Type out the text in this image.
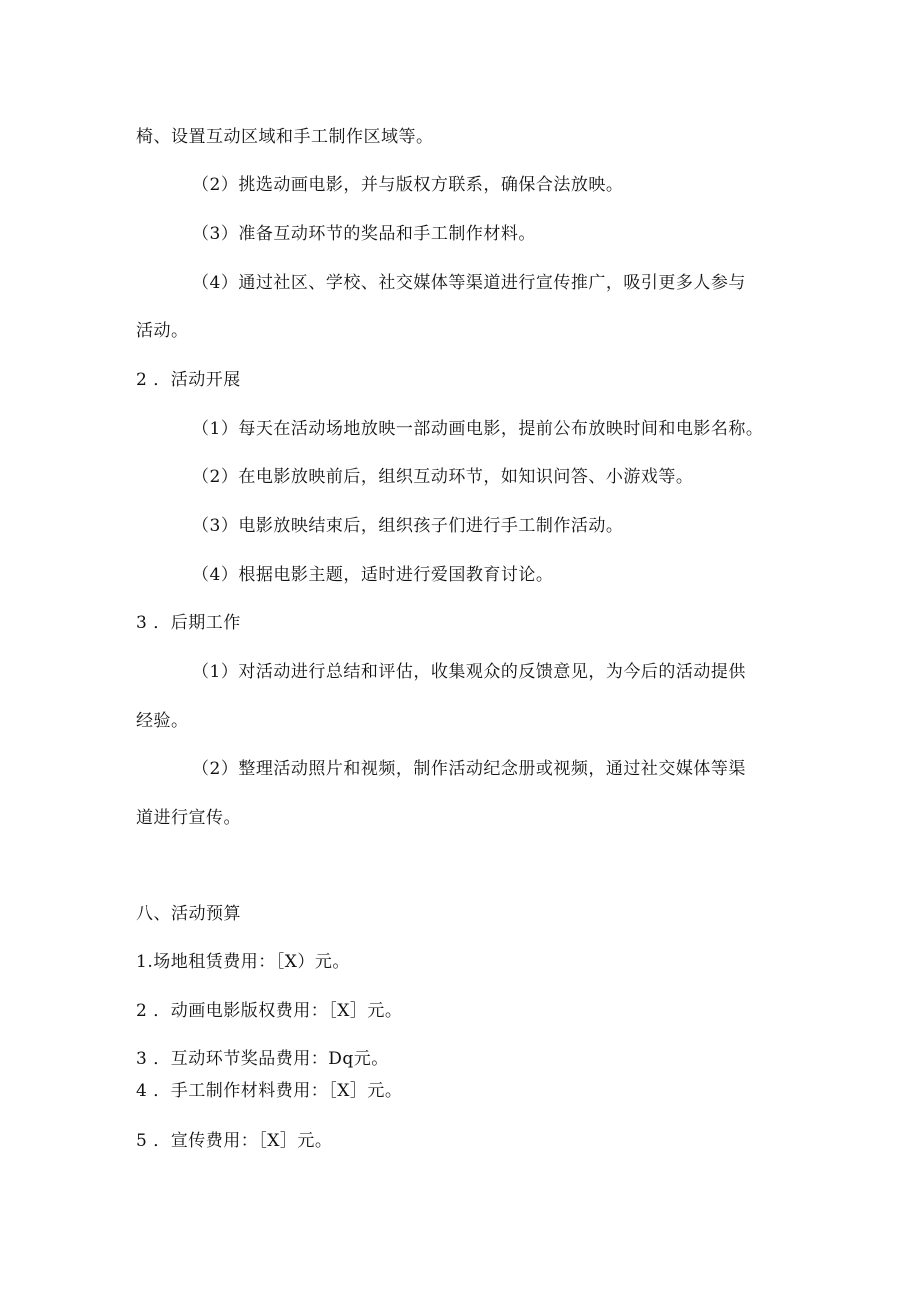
椅、设置互动区域和手工制作区域等。
（2）挑选动画电影，并与版权方联系，确保合法放映。
（3）准备互动环节的奖品和手工制作材料。
（4）通过社区、学校、社交媒体等渠道进行宣传推广，吸引更多人参与
活动。
2 ．活动开展
（1）每天在活动场地放映一部动画电影，提前公布放映时间和电影名称。
（2）在电影放映前后，组织互动环节，如知识问答、小游戏等。
（3）电影放映结束后，组织孩子们进行手工制作活动。
（4）根据电影主题，适时进行爱国教育讨论。
3 ．后期工作
（1）对活动进行总结和评估，收集观众的反馈意见，为今后的活动提供
经验。
（2）整理活动照片和视频，制作活动纪念册或视频，通过社交媒体等渠
道进行宣传。
八、活动预算
1.场地租赁费用：［X）元。
2 ．动画电影版权费用：［X］元。
3 ．互动环节奖品费用：Dq元。
4 ．手工制作材料费用：［X］元。
5 ．宣传费用：［X］元。
